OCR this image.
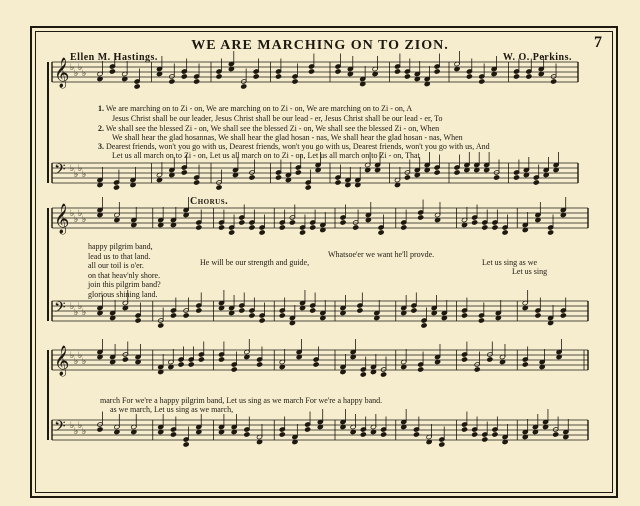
WE ARE MARCHING ON TO ZION.	7
Ellen M. Hastings.	W. O. Perkins.
𝄞 ♭
♭
♭
♭
𝄢 ♭
♭
♭
♭
𝄞 ♭
♭
♭
♭
𝄢 ♭
♭
♭
♭
𝄞 ♭
♭
♭
♭
𝄢 ♭
♭
♭
♭
1. We are marching on to Zi - on, We are marching on to Zi - on, We are marching on to Zi - on, A
Jesus Christ shall be our leader, Jesus Christ shall be our lead - er, Jesus Christ shall be our lead - er, To
2. We shall see the blessed Zi - on, We shall see the blessed Zi - on, We shall see the blessed Zi - on, When
We shall hear the glad hosannas, We shall hear the glad hosan - nas, We shall hear the glad hosan - nas, When
3. Dearest friends, won't you go with us, Dearest friends, won't you go with us, Dearest friends, won't you go with us, And
Let us all march on to Zi - on, Let us all march on to Zi - on, Let us all march on to Zi - on, That
Chorus.
happy pilgrim band,
lead us to that land.
all our toil is o'er.
on that heav'nly shore.
join this pilgrim band?
glorious shining land.
He will be our strength and guide,
Whatsoe'er we want he'll provde.
Let us sing as we
Let us sing
march For we're a happy pilgrim band, Let us sing as we march For we're a happy band.
as we march, Let us sing as we march,
